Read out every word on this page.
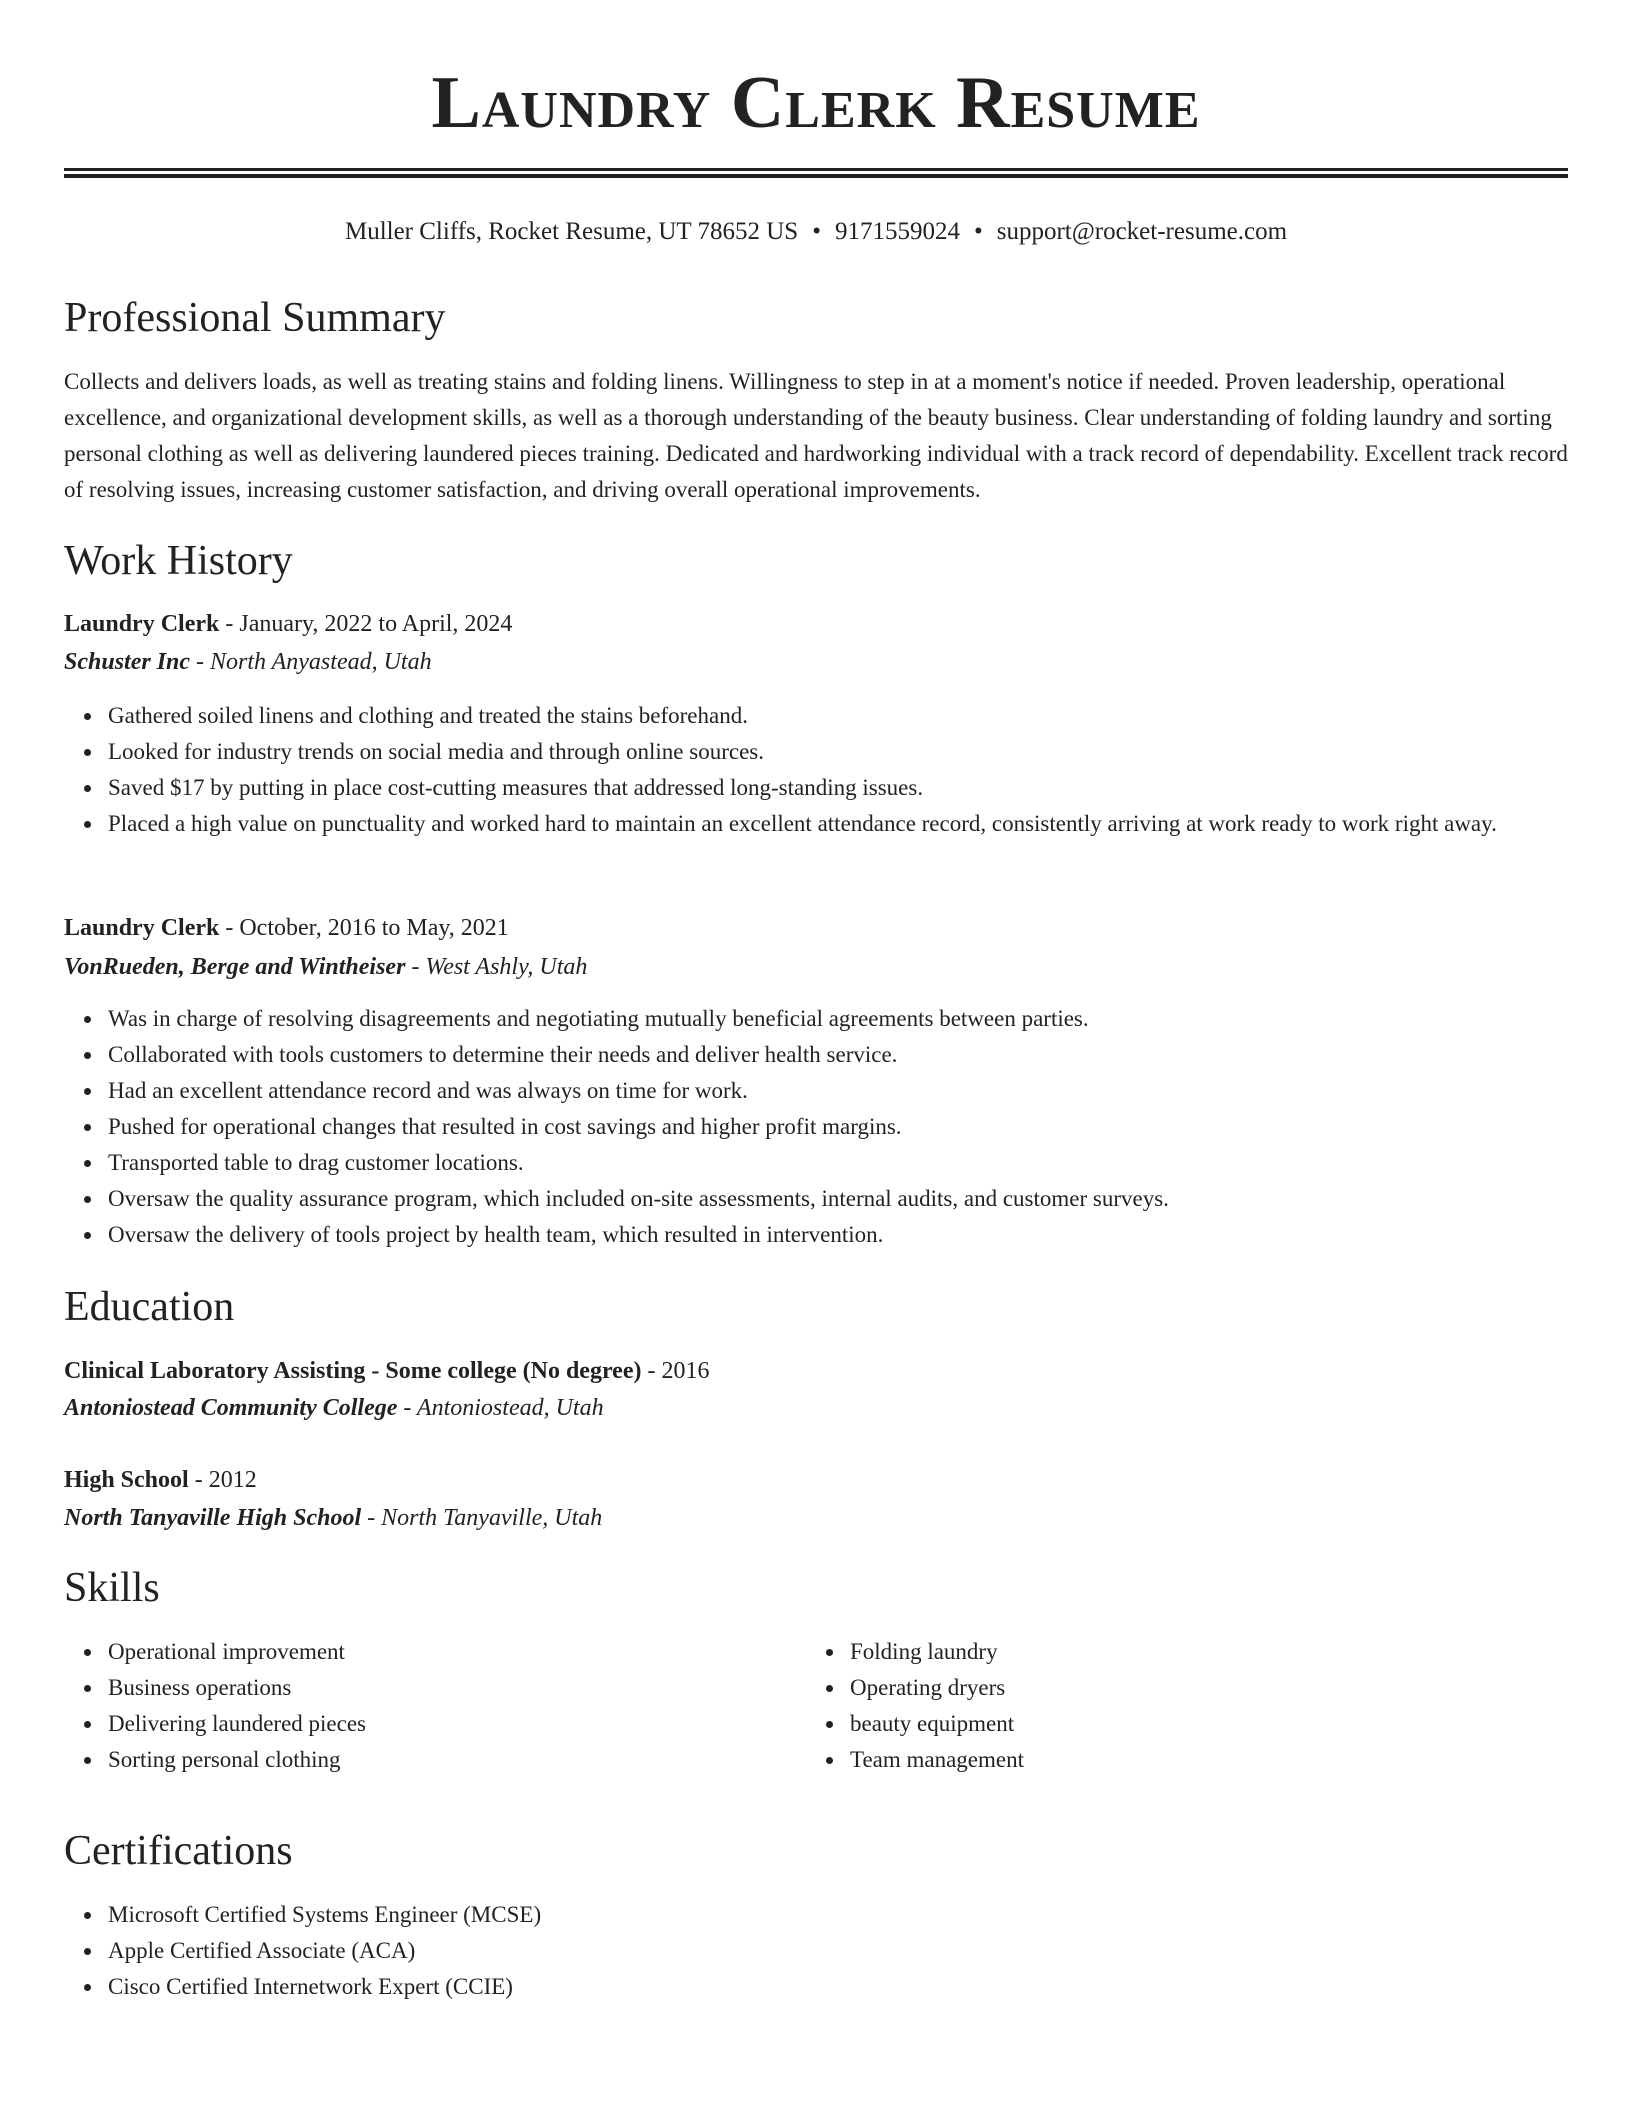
Laundry Clerk Resume
Muller Cliffs, Rocket Resume, UT 78652 US • 9171559024 • support@rocket-resume.com
Professional Summary

Collects and delivers loads, as well as treating stains and folding linens. Willingness to step in at a moment's notice if needed. Proven leadership, operational excellence, and organizational development skills, as well as a thorough understanding of the beauty business. Clear understanding of folding laundry and sorting personal clothing as well as delivering laundered pieces training. Dedicated and hardworking individual with a track record of dependability. Excellent track record of resolving issues, increasing customer satisfaction, and driving overall operational improvements.

Work History
Laundry Clerk - January, 2022 to April, 2024
Schuster Inc - North Anyastead, Utah
Gathered soiled linens and clothing and treated the stains beforehand.
Looked for industry trends on social media and through online sources.
Saved $17 by putting in place cost-cutting measures that addressed long-standing issues.
Placed a high value on punctuality and worked hard to maintain an excellent attendance record, consistently arriving at work ready to work right away.
Laundry Clerk - October, 2016 to May, 2021
VonRueden, Berge and Wintheiser - West Ashly, Utah
Was in charge of resolving disagreements and negotiating mutually beneficial agreements between parties.
Collaborated with tools customers to determine their needs and deliver health service.
Had an excellent attendance record and was always on time for work.
Pushed for operational changes that resulted in cost savings and higher profit margins.
Transported table to drag customer locations.
Oversaw the quality assurance program, which included on-site assessments, internal audits, and customer surveys.
Oversaw the delivery of tools project by health team, which resulted in intervention.
Education
Clinical Laboratory Assisting - Some college (No degree) - 2016
Antoniostead Community College - Antoniostead, Utah
High School - 2012
North Tanyaville High School - North Tanyaville, Utah
Skills
Operational improvement
Business operations
Delivering laundered pieces
Sorting personal clothing
Folding laundry
Operating dryers
beauty equipment
Team management
Certifications
Microsoft Certified Systems Engineer (MCSE)
Apple Certified Associate (ACA)
Cisco Certified Internetwork Expert (CCIE)
